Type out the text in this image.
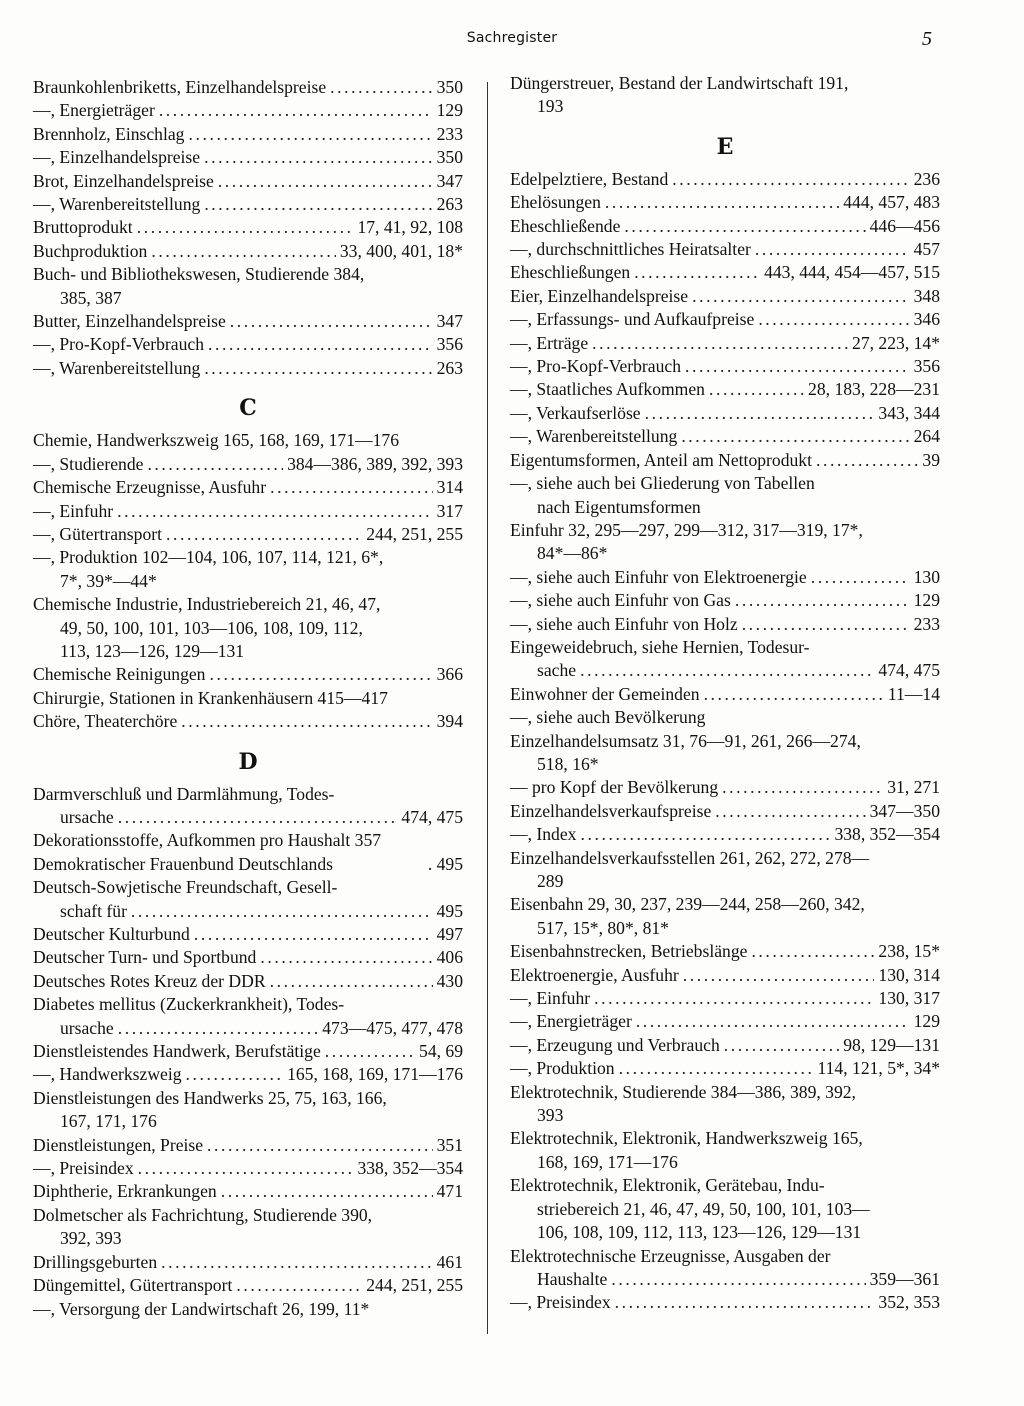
Sachregister	5
Braunkohlenbriketts, Einzelhandelspreise .....	350
—, Energieträger .....	129
Brennholz, Einschlag .....	233
—, Einzelhandelspreise .....	350
Brot, Einzelhandelspreise .....	347
—, Warenbereitstellung .....	263
Bruttoprodukt .....	17, 41, 92, 108
Buchproduktion .....	33, 400, 401, 18*
Buch- und Bibliothekswesen, Studierende 384,
385, 387
Butter, Einzelhandelspreise .....	347
—, Pro-Kopf-Verbrauch .....	356
—, Warenbereitstellung .....	263
C
Chemie, Handwerkszweig 165, 168, 169, 171—176
—, Studierende .....	384—386, 389, 392, 393
Chemische Erzeugnisse, Ausfuhr .....	314
—, Einfuhr .....	317
—, Gütertransport .....	244, 251, 255
—, Produktion 102—104, 106, 107, 114, 121, 6*,
7*, 39*—44*
Chemische Industrie, Industriebereich 21, 46, 47,
49, 50, 100, 101, 103—106, 108, 109, 112,
113, 123—126, 129—131
Chemische Reinigungen .....	366
Chirurgie, Stationen in Krankenhäusern 415—417
Chöre, Theaterchöre .....	394
D
Darmverschluß und Darmlähmung, Todes-
ursache .....	474, 475
Dekorationsstoffe, Aufkommen pro Haushalt 357
Demokratischer Frauenbund Deutschlands	. 495
Deutsch-Sowjetische Freundschaft, Gesell-
schaft für .....	495
Deutscher Kulturbund .....	497
Deutscher Turn- und Sportbund .....	406
Deutsches Rotes Kreuz der DDR .....	430
Diabetes mellitus (Zuckerkrankheit), Todes-
ursache .....	473—475, 477, 478
Dienstleistendes Handwerk, Berufstätige .....	54, 69
—, Handwerkszweig .....	165, 168, 169, 171—176
Dienstleistungen des Handwerks 25, 75, 163, 166,
167, 171, 176
Dienstleistungen, Preise .....	351
—, Preisindex .....	338, 352—354
Diphtherie, Erkrankungen .....	471
Dolmetscher als Fachrichtung, Studierende 390,
392, 393
Drillingsgeburten .....	461
Düngemittel, Gütertransport .....	244, 251, 255
—, Versorgung der Landwirtschaft 26, 199, 11*
Düngerstreuer, Bestand der Landwirtschaft 191,
193
E
Edelpelztiere, Bestand .....	236
Ehelösungen .....	444, 457, 483
Eheschließende .....	446—456
—, durchschnittliches Heiratsalter .....	457
Eheschließungen .....	443, 444, 454—457, 515
Eier, Einzelhandelspreise .....	348
—, Erfassungs- und Aufkaufpreise .....	346
—, Erträge .....	27, 223, 14*
—, Pro-Kopf-Verbrauch .....	356
—, Staatliches Aufkommen .....	28, 183, 228—231
—, Verkaufserlöse .....	343, 344
—, Warenbereitstellung .....	264
Eigentumsformen, Anteil am Nettoprodukt .....	39
—, siehe auch bei Gliederung von Tabellen
nach Eigentumsformen
Einfuhr 32, 295—297, 299—312, 317—319, 17*,
84*—86*
—, siehe auch Einfuhr von Elektroenergie .....	130
—, siehe auch Einfuhr von Gas .....	129
—, siehe auch Einfuhr von Holz .....	233
Eingeweidebruch, siehe Hernien, Todesur-
sache .....	474, 475
Einwohner der Gemeinden .....	11—14
—, siehe auch Bevölkerung
Einzelhandelsumsatz 31, 76—91, 261, 266—274,
518, 16*
— pro Kopf der Bevölkerung .....	31, 271
Einzelhandelsverkaufspreise .....	347—350
—, Index .....	338, 352—354
Einzelhandelsverkaufsstellen 261, 262, 272, 278—
289
Eisenbahn 29, 30, 237, 239—244, 258—260, 342,
517, 15*, 80*, 81*
Eisenbahnstrecken, Betriebslänge .....	238, 15*
Elektroenergie, Ausfuhr .....	130, 314
—, Einfuhr .....	130, 317
—, Energieträger .....	129
—, Erzeugung und Verbrauch .....	98, 129—131
—, Produktion .....	114, 121, 5*, 34*
Elektrotechnik, Studierende 384—386, 389, 392,
393
Elektrotechnik, Elektronik, Handwerkszweig 165,
168, 169, 171—176
Elektrotechnik, Elektronik, Gerätebau, Indu-
striebereich 21, 46, 47, 49, 50, 100, 101, 103—
106, 108, 109, 112, 113, 123—126, 129—131
Elektrotechnische Erzeugnisse, Ausgaben der
Haushalte .....	359—361
—, Preisindex .....	352, 353
